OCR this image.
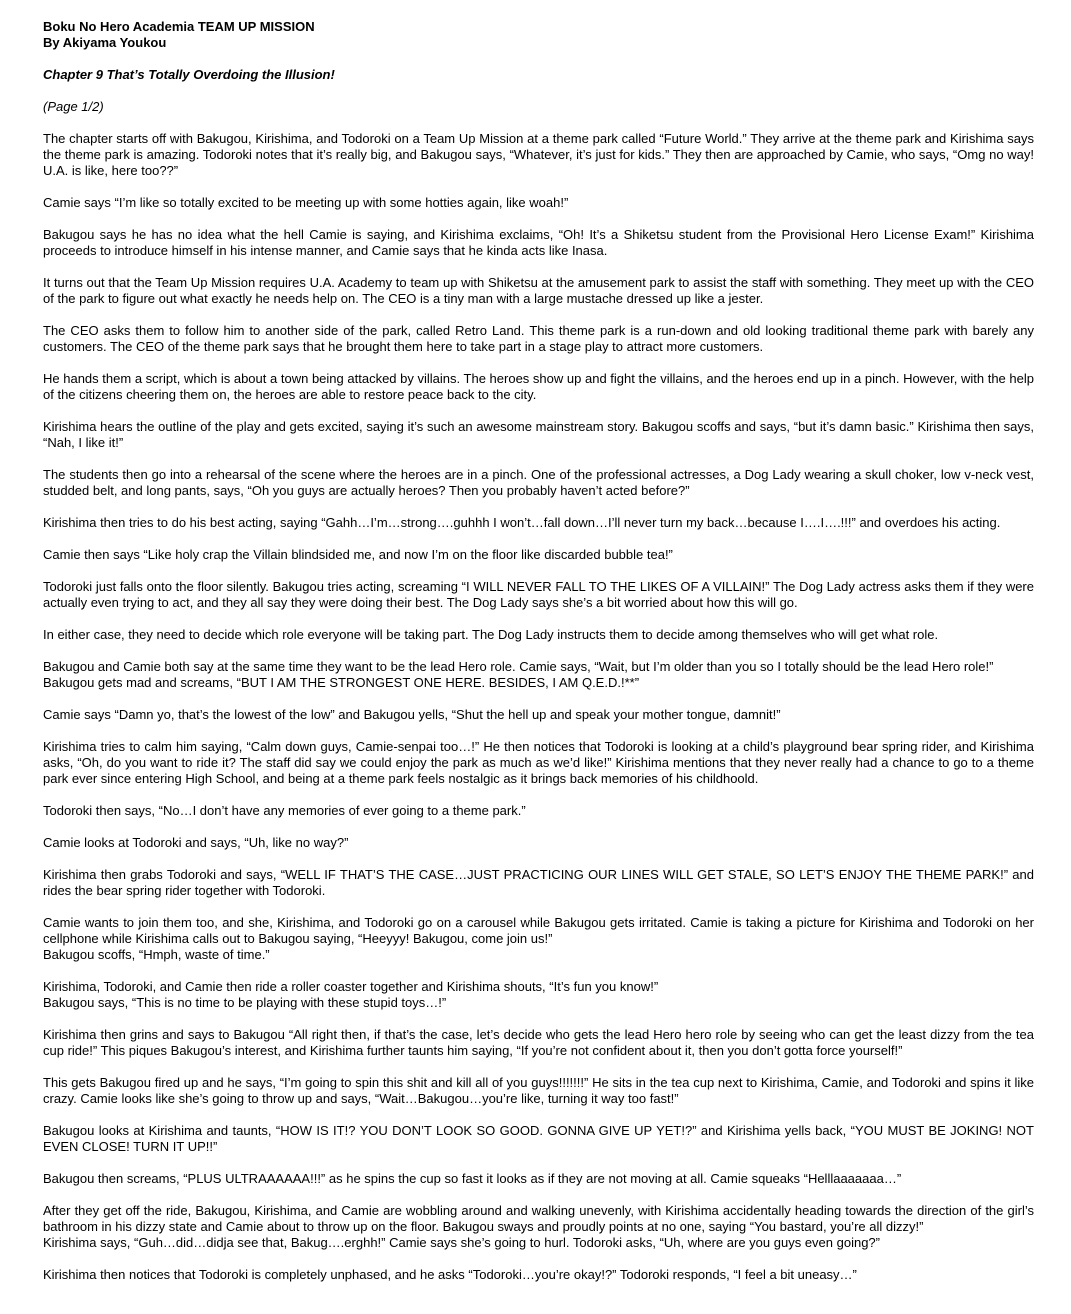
Boku No Hero Academia TEAM UP MISSION

By Akiyama Youkou

Chapter 9 That’s Totally Overdoing the Illusion!

(Page 1/2)

The chapter starts off with Bakugou, Kirishima, and Todoroki on a Team Up Mission at a theme park called “Future World.” They arrive at the theme park and Kirishima says the theme park is amazing. Todoroki notes that it’s really big, and Bakugou says, “Whatever, it’s just for kids.” They then are approached by Camie, who says, “Omg no way! U.A. is like, here too??”

Camie says “I’m like so totally excited to be meeting up with some hotties again, like woah!”

Bakugou says he has no idea what the hell Camie is saying, and Kirishima exclaims, “Oh! It’s a Shiketsu student from the Provisional Hero License Exam!” Kirishima proceeds to introduce himself in his intense manner, and Camie says that he kinda acts like Inasa.

It turns out that the Team Up Mission requires U.A. Academy to team up with Shiketsu at the amusement park to assist the staff with something. They meet up with the CEO of the park to figure out what exactly he needs help on. The CEO is a tiny man with a large mustache dressed up like a jester.

The CEO asks them to follow him to another side of the park, called Retro Land. This theme park is a run-down and old looking traditional theme park with barely any customers. The CEO of the theme park says that he brought them here to take part in a stage play to attract more customers.

He hands them a script, which is about a town being attacked by villains. The heroes show up and fight the villains, and the heroes end up in a pinch. However, with the help of the citizens cheering them on, the heroes are able to restore peace back to the city.

Kirishima hears the outline of the play and gets excited, saying it’s such an awesome mainstream story. Bakugou scoffs and says, “but it’s damn basic.” Kirishima then says, “Nah, I like it!”

The students then go into a rehearsal of the scene where the heroes are in a pinch. One of the professional actresses, a Dog Lady wearing a skull choker, low v-neck vest, studded belt, and long pants, says, “Oh you guys are actually heroes? Then you probably haven’t acted before?”

Kirishima then tries to do his best acting, saying “Gahh…I’m…strong….guhhh I won’t…fall down…I’ll never turn my back…because I….I….!!!” and overdoes his acting.

Camie then says “Like holy crap the Villain blindsided me, and now I’m on the floor like discarded bubble tea!”

Todoroki just falls onto the floor silently. Bakugou tries acting, screaming “I WILL NEVER FALL TO THE LIKES OF A VILLAIN!” The Dog Lady actress asks them if they were actually even trying to act, and they all say they were doing their best. The Dog Lady says she’s a bit worried about how this will go.

In either case, they need to decide which role everyone will be taking part. The Dog Lady instructs them to decide among themselves who will get what role.

Bakugou and Camie both say at the same time they want to be the lead Hero role. Camie says, “Wait, but I’m older than you so I totally should be the lead Hero role!”
Bakugou gets mad and screams, “BUT I AM THE STRONGEST ONE HERE. BESIDES, I AM Q.E.D.!**”

Camie says “Damn yo, that’s the lowest of the low” and Bakugou yells, “Shut the hell up and speak your mother tongue, damnit!”

Kirishima tries to calm him saying, “Calm down guys, Camie-senpai too…!” He then notices that Todoroki is looking at a child’s playground bear spring rider, and Kirishima asks, “Oh, do you want to ride it? The staff did say we could enjoy the park as much as we’d like!” Kirishima mentions that they never really had a chance to go to a theme park ever since entering High School, and being at a theme park feels nostalgic as it brings back memories of his childhoold.

Todoroki then says, “No…I don’t have any memories of ever going to a theme park.”

Camie looks at Todoroki and says, “Uh, like no way?”

Kirishima then grabs Todoroki and says, “WELL IF THAT’S THE CASE…JUST PRACTICING OUR LINES WILL GET STALE, SO LET’S ENJOY THE THEME PARK!” and rides the bear spring rider together with Todoroki.

Camie wants to join them too, and she, Kirishima, and Todoroki go on a carousel while Bakugou gets irritated. Camie is taking a picture for Kirishima and Todoroki on her cellphone while Kirishima calls out to Bakugou saying, “Heeyyy! Bakugou, come join us!”
Bakugou scoffs, “Hmph, waste of time.”

Kirishima, Todoroki, and Camie then ride a roller coaster together and Kirishima shouts, “It’s fun you know!”
Bakugou says, “This is no time to be playing with these stupid toys…!”

Kirishima then grins and says to Bakugou “All right then, if that’s the case, let’s decide who gets the lead Hero hero role by seeing who can get the least dizzy from the tea cup ride!” This piques Bakugou’s interest, and Kirishima further taunts him saying, “If you’re not confident about it, then you don’t gotta force yourself!”

This gets Bakugou fired up and he says, “I’m going to spin this shit and kill all of you guys!!!!!!!” He sits in the tea cup next to Kirishima, Camie, and Todoroki and spins it like crazy. Camie looks like she’s going to throw up and says, “Wait…Bakugou…you’re like, turning it way too fast!”

Bakugou looks at Kirishima and taunts, “HOW IS IT!? YOU DON’T LOOK SO GOOD. GONNA GIVE UP YET!?” and Kirishima yells back, “YOU MUST BE JOKING! NOT EVEN CLOSE! TURN IT UP!!”

Bakugou then screams, “PLUS ULTRAAAAAA!!!” as he spins the cup so fast it looks as if they are not moving at all. Camie squeaks “Helllaaaaaaa…”

After they get off the ride, Bakugou, Kirishima, and Camie are wobbling around and walking unevenly, with Kirishima accidentally heading towards the direction of the girl’s bathroom in his dizzy state and Camie about to throw up on the floor. Bakugou sways and proudly points at no one, saying “You bastard, you’re all dizzy!”
Kirishima says, “Guh…did…didja see that, Bakug….erghh!” Camie says she’s going to hurl. Todoroki asks, “Uh, where are you guys even going?”

Kirishima then notices that Todoroki is completely unphased, and he asks “Todoroki…you’re okay!?” Todoroki responds, “I feel a bit uneasy…”
